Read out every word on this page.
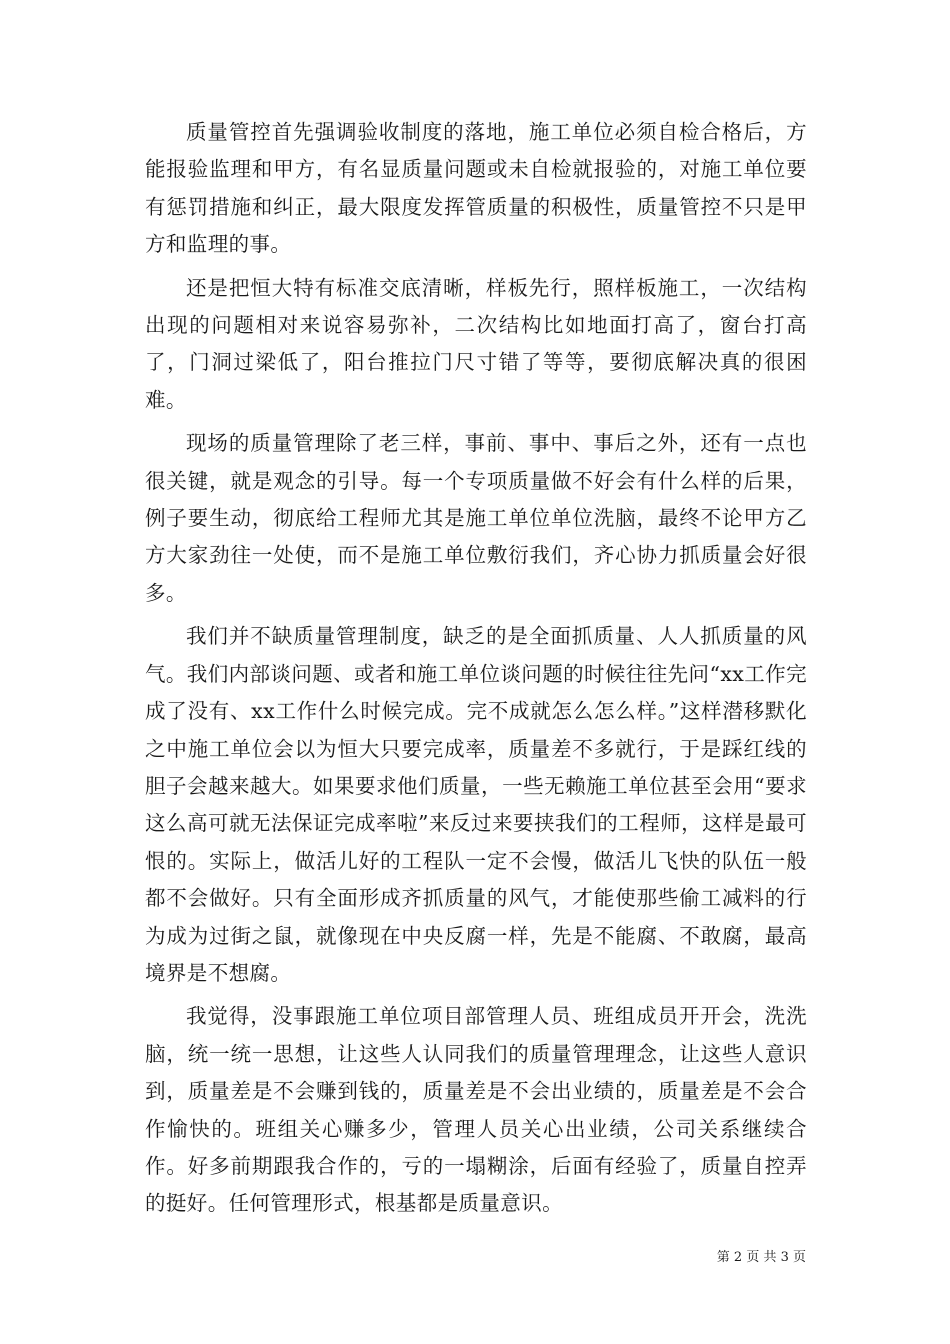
质量管控首先强调验收制度的落地，施工单位必须自检合格后，方能报验监理和甲方，有名显质量问题或未自检就报验的，对施工单位要有惩罚措施和纠正，最大限度发挥管质量的积极性，质量管控不只是甲方和监理的事。

还是把恒大特有标准交底清晰，样板先行，照样板施工，一次结构出现的问题相对来说容易弥补，二次结构比如地面打高了，窗台打高了，门洞过梁低了，阳台推拉门尺寸错了等等，要彻底解决真的很困难。

现场的质量管理除了老三样，事前、事中、事后之外，还有一点也很关键，就是观念的引导。每一个专项质量做不好会有什么样的后果，例子要生动，彻底给工程师尤其是施工单位单位洗脑，最终不论甲方乙方大家劲往一处使，而不是施工单位敷衍我们，齐心协力抓质量会好很多。

我们并不缺质量管理制度，缺乏的是全面抓质量、人人抓质量的风气。我们内部谈问题、或者和施工单位谈问题的时候往往先问“xx工作完成了没有、xx工作什么时候完成。完不成就怎么怎么样。”这样潜移默化之中施工单位会以为恒大只要完成率，质量差不多就行，于是踩红线的胆子会越来越大。如果要求他们质量，一些无赖施工单位甚至会用“要求这么高可就无法保证完成率啦”来反过来要挟我们的工程师，这样是最可恨的。实际上，做活儿好的工程队一定不会慢，做活儿飞快的队伍一般都不会做好。只有全面形成齐抓质量的风气，才能使那些偷工减料的行为成为过街之鼠，就像现在中央反腐一样，先是不能腐、不敢腐，最高境界是不想腐。

我觉得，没事跟施工单位项目部管理人员、班组成员开开会，洗洗脑，统一统一思想，让这些人认同我们的质量管理理念，让这些人意识到，质量差是不会赚到钱的，质量差是不会出业绩的，质量差是不会合作愉快的。班组关心赚多少，管理人员关心出业绩，公司关系继续合作。好多前期跟我合作的，亏的一塌糊涂，后面有经验了，质量自控弄的挺好。任何管理形式，根基都是质量意识。

第 2 页 共 3 页
